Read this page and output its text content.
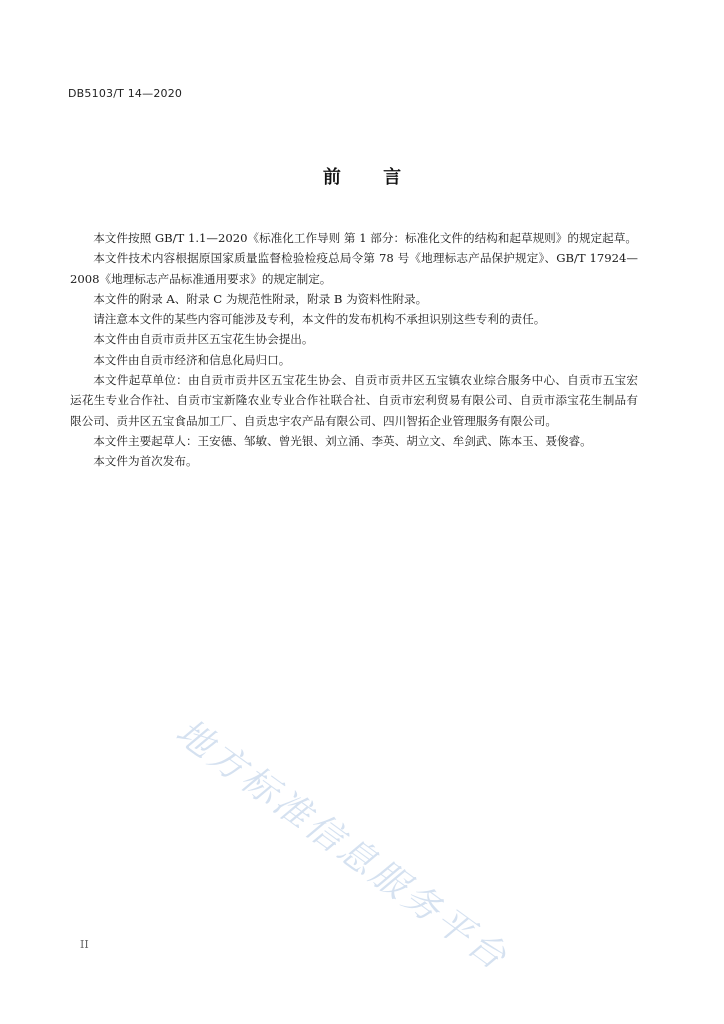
DB5103/T 14—2020
前 言

本文件按照 GB/T 1.1—2020《标准化工作导则 第 1 部分：标准化文件的结构和起草规则》的规定起草。

本文件技术内容根据原国家质量监督检验检疫总局令第 78 号《地理标志产品保护规定》、GB/T 17924—2008《地理标志产品标准通用要求》的规定制定。

本文件的附录 A、附录 C 为规范性附录，附录 B 为资料性附录。

请注意本文件的某些内容可能涉及专利，本文件的发布机构不承担识别这些专利的责任。

本文件由自贡市贡井区五宝花生协会提出。

本文件由自贡市经济和信息化局归口。

本文件起草单位：由自贡市贡井区五宝花生协会、自贡市贡井区五宝镇农业综合服务中心、自贡市五宝宏运花生专业合作社、自贡市宝新隆农业专业合作社联合社、自贡市宏利贸易有限公司、自贡市添宝花生制品有限公司、贡井区五宝食品加工厂、自贡忠宇农产品有限公司、四川智拓企业管理服务有限公司。

本文件主要起草人：王安德、邹敏、曾光银、刘立涌、李英、胡立文、牟剑武、陈本玉、聂俊睿。

本文件为首次发布。

地方标准信息服务平台
II
